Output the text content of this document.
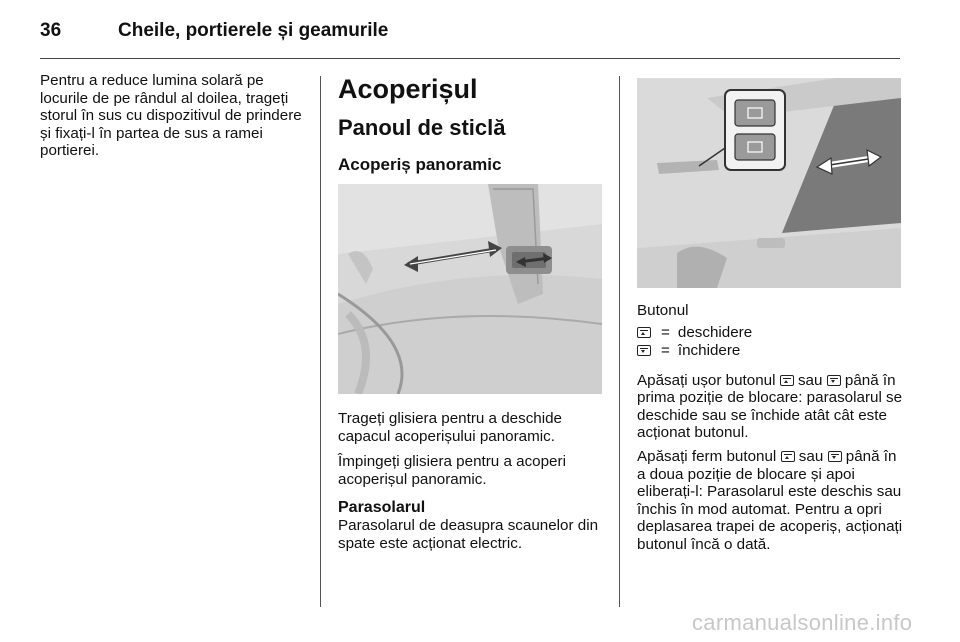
36	Cheile, portierele și geamurile

Pentru a reduce lumina solară pe locurile de pe rândul al doilea, trageți storul în sus cu dispozitivul de prindere și fixați-l în partea de sus a ramei portierei.

Acoperișul
Panoul de sticlă
Acoperiș panoramic

Trageți glisiera pentru a deschide capacul acoperișului panoramic.

Împingeți glisiera pentru a acoperi acoperișul panoramic.

Parasolarul

Parasolarul de deasupra scaunelor din spate este acționat electric.

Butonul

= deschidere
= închidere

Apăsați ușor butonul sau până în prima poziție de blocare: parasolarul se deschide sau se închide atât cât este acționat butonul.

Apăsați ferm butonul sau până în a doua poziție de blocare și apoi eliberați-l: Parasolarul este deschis sau închis în mod automat. Pentru a opri deplasarea trapei de acoperiș, acționați butonul încă o dată.

carmanualsonline.info
